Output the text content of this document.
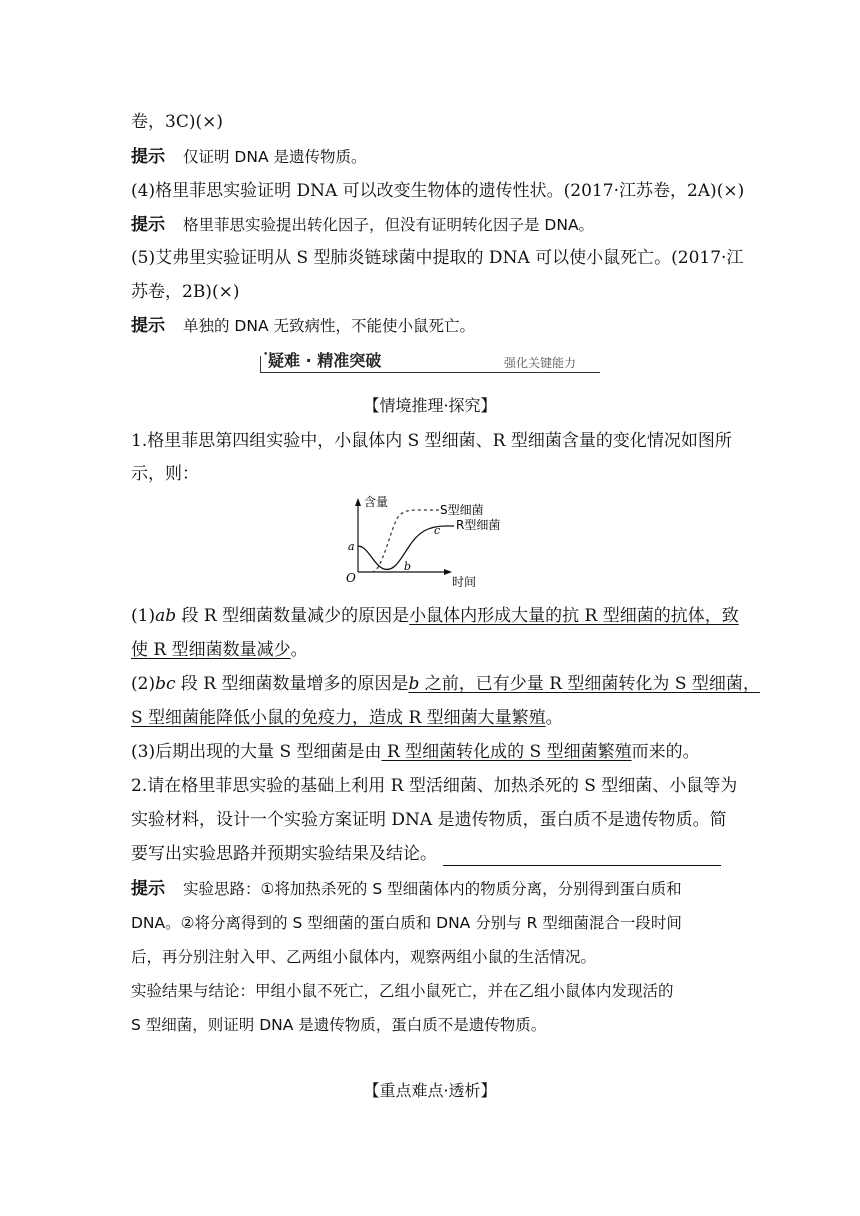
卷，3C)(×)
提示 仅证明 DNA 是遗传物质。
(4)格里菲思实验证明 DNA 可以改变生物体的遗传性状。(2017·江苏卷，2A)(×)
提示 格里菲思实验提出转化因子，但没有证明转化因子是 DNA。
(5)艾弗里实验证明从 S 型肺炎链球菌中提取的 DNA 可以使小鼠死亡。(2017·江
苏卷，2B)(×)
提示 单独的 DNA 无致病性，不能使小鼠死亡。
• 疑难 · 精准突破	强化关键能力
【情境推理·探究】
1.格里菲思第四组实验中，小鼠体内 S 型细菌、R 型细菌含量的变化情况如图所
示，则：
含量
时间
O
a
b
c
S型细菌
R型细菌
(1)ab 段 R 型细菌数量减少的原因是小鼠体内形成大量的抗 R 型细菌的抗体，致
使 R 型细菌数量减少。
(2)bc 段 R 型细菌数量增多的原因是b 之前，已有少量 R 型细菌转化为 S 型细菌，
S 型细菌能降低小鼠的免疫力，造成 R 型细菌大量繁殖。
(3)后期出现的大量 S 型细菌是由 R 型细菌转化成的 S 型细菌繁殖而来的。
2.请在格里菲思实验的基础上利用 R 型活细菌、加热杀死的 S 型细菌、小鼠等为
实验材料，设计一个实验方案证明 DNA 是遗传物质，蛋白质不是遗传物质。简
要写出实验思路并预期实验结果及结论。
提示 实验思路：①将加热杀死的 S 型细菌体内的物质分离，分别得到蛋白质和
DNA。②将分离得到的 S 型细菌的蛋白质和 DNA 分别与 R 型细菌混合一段时间
后，再分别注射入甲、乙两组小鼠体内，观察两组小鼠的生活情况。
实验结果与结论：甲组小鼠不死亡，乙组小鼠死亡，并在乙组小鼠体内发现活的
S 型细菌，则证明 DNA 是遗传物质，蛋白质不是遗传物质。
【重点难点·透析】
